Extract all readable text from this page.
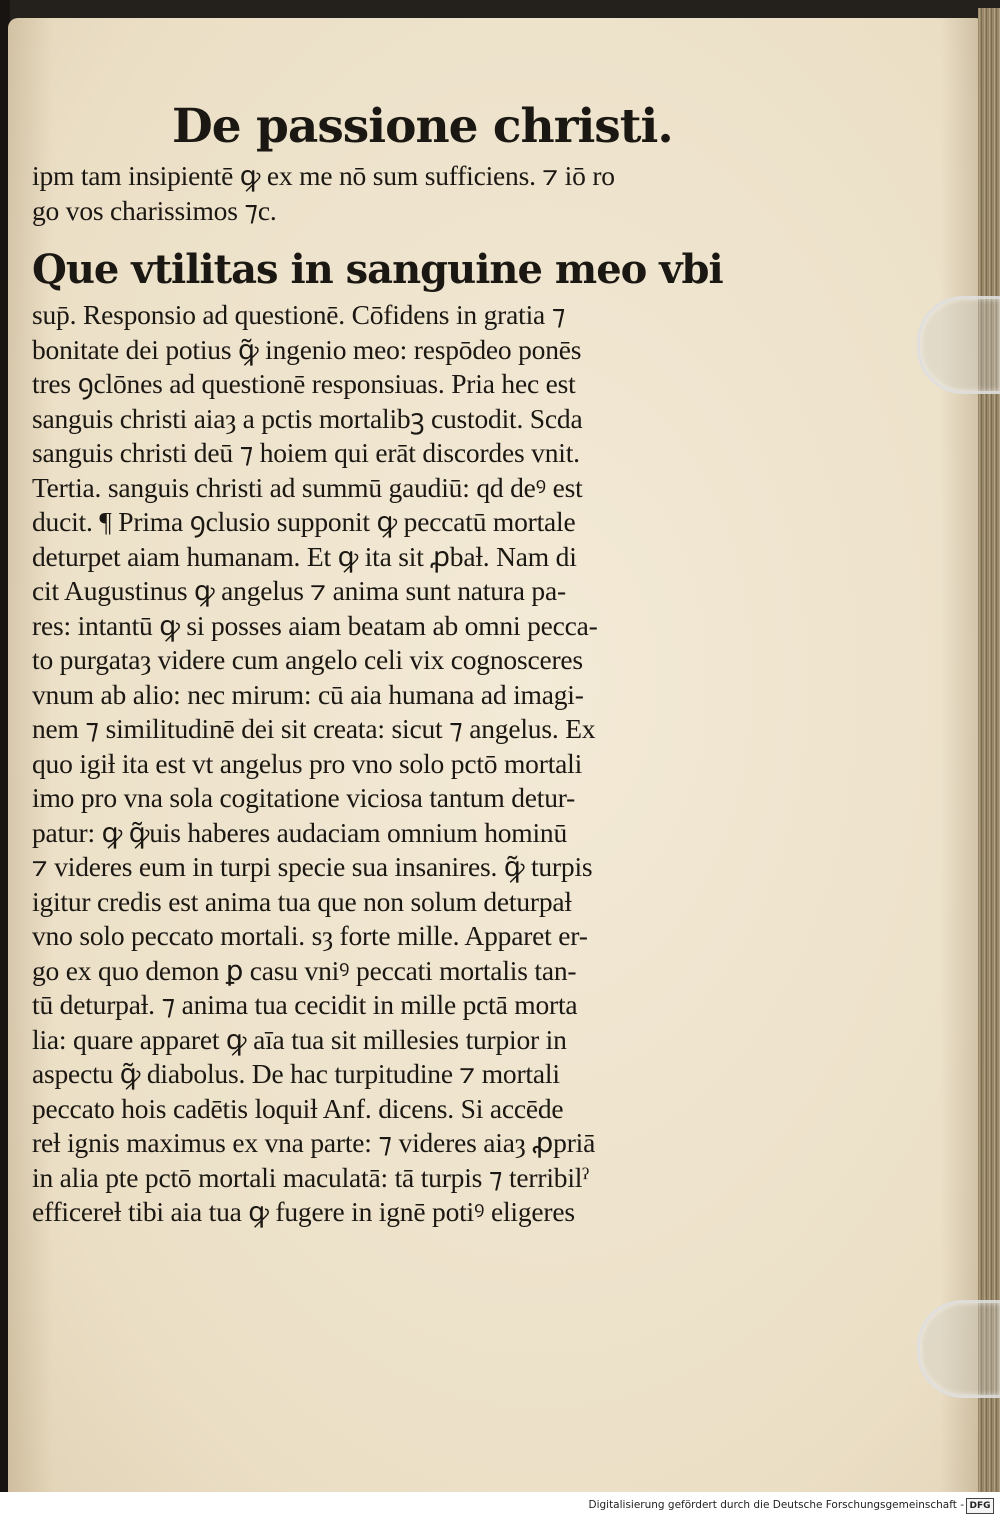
De passione christi.
ipm tam insipientē ꝙ ex me nō sum sufficiens. ⁊ iō ro
go vos charissimos ⁊c.
Que vtilitas in sanguine meo vbi
sup̄. Responsio ad questionē. Cōfidens in gratia ⁊
bonitate dei potius ꝙ̃ ingenio meo: respōdeo ponēs
tres ꝯclōnes ad questionē responsiuas. Pria hec est
sanguis christi aiaȝ a pctis mortalibꝫ custodit. Scda
sanguis christi deū ⁊ hoiem qui erāt discordes vnit.
Tertia. sanguis christi ad summū gaudiū: qd deꝰ est
ducit. ¶ Prima ꝯclusio supponit ꝙ peccatū mortale
deturpet aiam humanam. Et ꝙ ita sit ꝓbaƚ. Nam di
cit Augustinus ꝙ angelus ⁊ anima sunt natura pa-
res: intantū ꝙ si posses aiam beatam ab omni pecca-
to purgataȝ videre cum angelo celi vix cognosceres
vnum ab alio: nec mirum: cū aia humana ad imagi-
nem ⁊ similitudinē dei sit creata: sicut ⁊ angelus. Ex
quo igiƚ ita est vt angelus pro vno solo pctō mortali
imo pro vna sola cogitatione viciosa tantum detur-
patur: ꝙ ꝙ̃uis haberes audaciam omnium hominū
⁊ videres eum in turpi specie sua insanires. ꝙ̃ turpis
igitur credis est anima tua que non solum deturpaƚ
vno solo peccato mortali. sȝ forte mille. Apparet er-
go ex quo demon ꝑ casu vniꝰ peccati mortalis tan-
tū deturpaƚ. ⁊ anima tua cecidit in mille pctā morta
lia: quare apparet ꝙ aīa tua sit millesies turpior in
aspectu ꝙ̃ diabolus. De hac turpitudine ⁊ mortali
peccato hois cadētis loquiƚ Anf. dicens. Si accēde
reƚ ignis maximus ex vna parte: ⁊ videres aiaȝ ꝓpriā
in alia pte pctō mortali maculatā: tā turpis ⁊ terribilˀ
efficereƚ tibi aia tua ꝙ fugere in ignē potiꝰ eligeres
Digitalisierung gefördert durch die Deutsche Forschungsgemeinschaft - DFG
